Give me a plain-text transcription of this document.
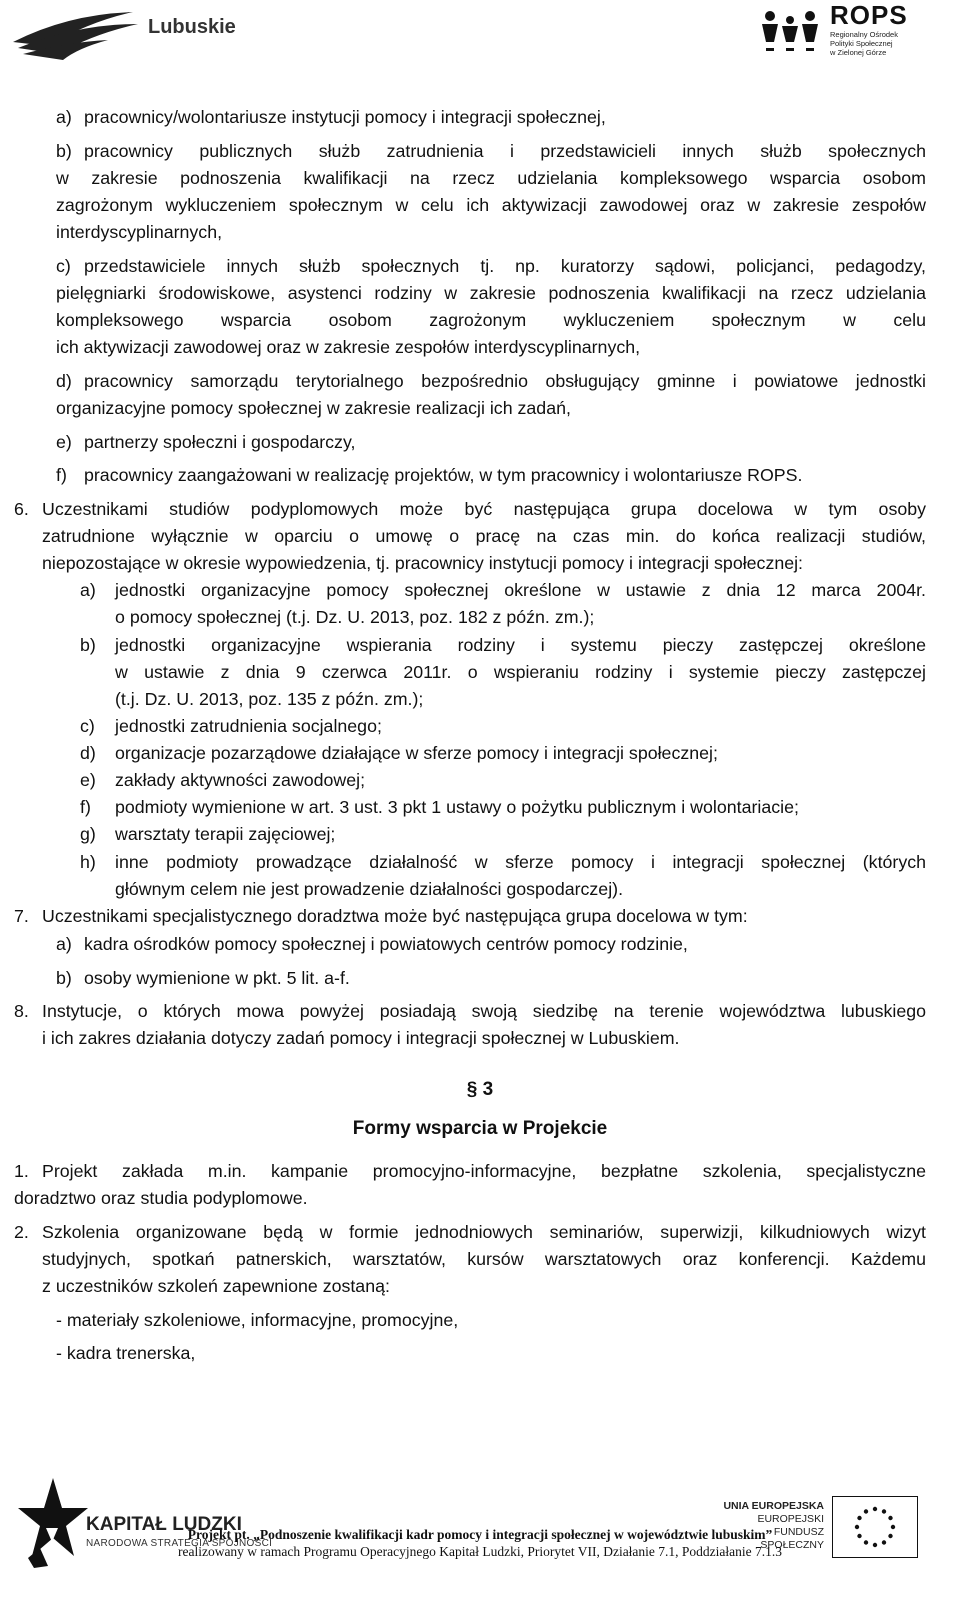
Lubuskie	ROPS
Regionalny Ośrodek
Polityki Społecznej
w Zielonej Górze
a) pracownicy/wolontariusze instytucji pomocy i integracji społecznej,
b) pracownicy publicznych służb zatrudnienia i przedstawicieli innych służb społecznych
w zakresie podnoszenia kwalifikacji na rzecz udzielania kompleksowego wsparcia osobom
zagrożonym wykluczeniem społecznym w celu ich aktywizacji zawodowej oraz w zakresie zespołów
interdyscyplinarnych,
c) przedstawiciele innych służb społecznych tj. np. kuratorzy sądowi, policjanci, pedagodzy,
pielęgniarki środowiskowe, asystenci rodziny w zakresie podnoszenia kwalifikacji na rzecz udzielania
kompleksowego wsparcia osobom zagrożonym wykluczeniem społecznym w celu
ich aktywizacji zawodowej oraz w zakresie zespołów interdyscyplinarnych,
d) pracownicy samorządu terytorialnego bezpośrednio obsługujący gminne i powiatowe jednostki
organizacyjne pomocy społecznej w zakresie realizacji ich zadań,
e) partnerzy społeczni i gospodarczy,
f) pracownicy zaangażowani w realizację projektów, w tym pracownicy i wolontariusze ROPS.
6. Uczestnikami studiów podyplomowych może być następująca grupa docelowa w tym osoby
zatrudnione wyłącznie w oparciu o umowę o pracę na czas min. do końca realizacji studiów,
niepozostające w okresie wypowiedzenia, tj. pracownicy instytucji pomocy i integracji społecznej:
a) jednostki organizacyjne pomocy społecznej określone w ustawie z dnia 12 marca 2004r.
o pomocy społecznej (t.j. Dz. U. 2013, poz. 182 z późn. zm.);
b) jednostki organizacyjne wspierania rodziny i systemu pieczy zastępczej określone
w ustawie z dnia 9 czerwca 2011r. o wspieraniu rodziny i systemie pieczy zastępczej
(t.j. Dz. U. 2013, poz. 135 z późn. zm.);
c) jednostki zatrudnienia socjalnego;
d) organizacje pozarządowe działające w sferze pomocy i integracji społecznej;
e) zakłady aktywności zawodowej;
f) podmioty wymienione w art. 3 ust. 3 pkt 1 ustawy o pożytku publicznym i wolontariacie;
g) warsztaty terapii zajęciowej;
h) inne podmioty prowadzące działalność w sferze pomocy i integracji społecznej (których
głównym celem nie jest prowadzenie działalności gospodarczej).
7. Uczestnikami specjalistycznego doradztwa może być następująca grupa docelowa w tym:
a) kadra ośrodków pomocy społecznej i powiatowych centrów pomocy rodzinie,
b) osoby wymienione w pkt. 5 lit. a-f.
8. Instytucje, o których mowa powyżej posiadają swoją siedzibę na terenie województwa lubuskiego
i ich zakres działania dotyczy zadań pomocy i integracji społecznej w Lubuskiem.
§ 3
Formy wsparcia w Projekcie
1. Projekt zakłada m.in. kampanie promocyjno-informacyjne, bezpłatne szkolenia, specjalistyczne
doradztwo oraz studia podyplomowe.
2. Szkolenia organizowane będą w formie jednodniowych seminariów, superwizji, kilkudniowych wizyt
studyjnych, spotkań patnerskich, warsztatów, kursów warsztatowych oraz konferencji. Każdemu
z uczestników szkoleń zapewnione zostaną:
- materiały szkoleniowe, informacyjne, promocyjne,
- kadra trenerska,
KAPITAŁ LUDZKI
NARODOWA STRATEGIA SPÓJNOŚCI
UNIA EUROPEJSKA
EUROPEJSKI
FUNDUSZ SPOŁECZNY
Projekt pt. „Podnoszenie kwalifikacji kadr pomocy i integracji społecznej w województwie lubuskim”
realizowany w ramach Programu Operacyjnego Kapitał Ludzki, Priorytet VII, Działanie 7.1, Poddziałanie 7.1.3
